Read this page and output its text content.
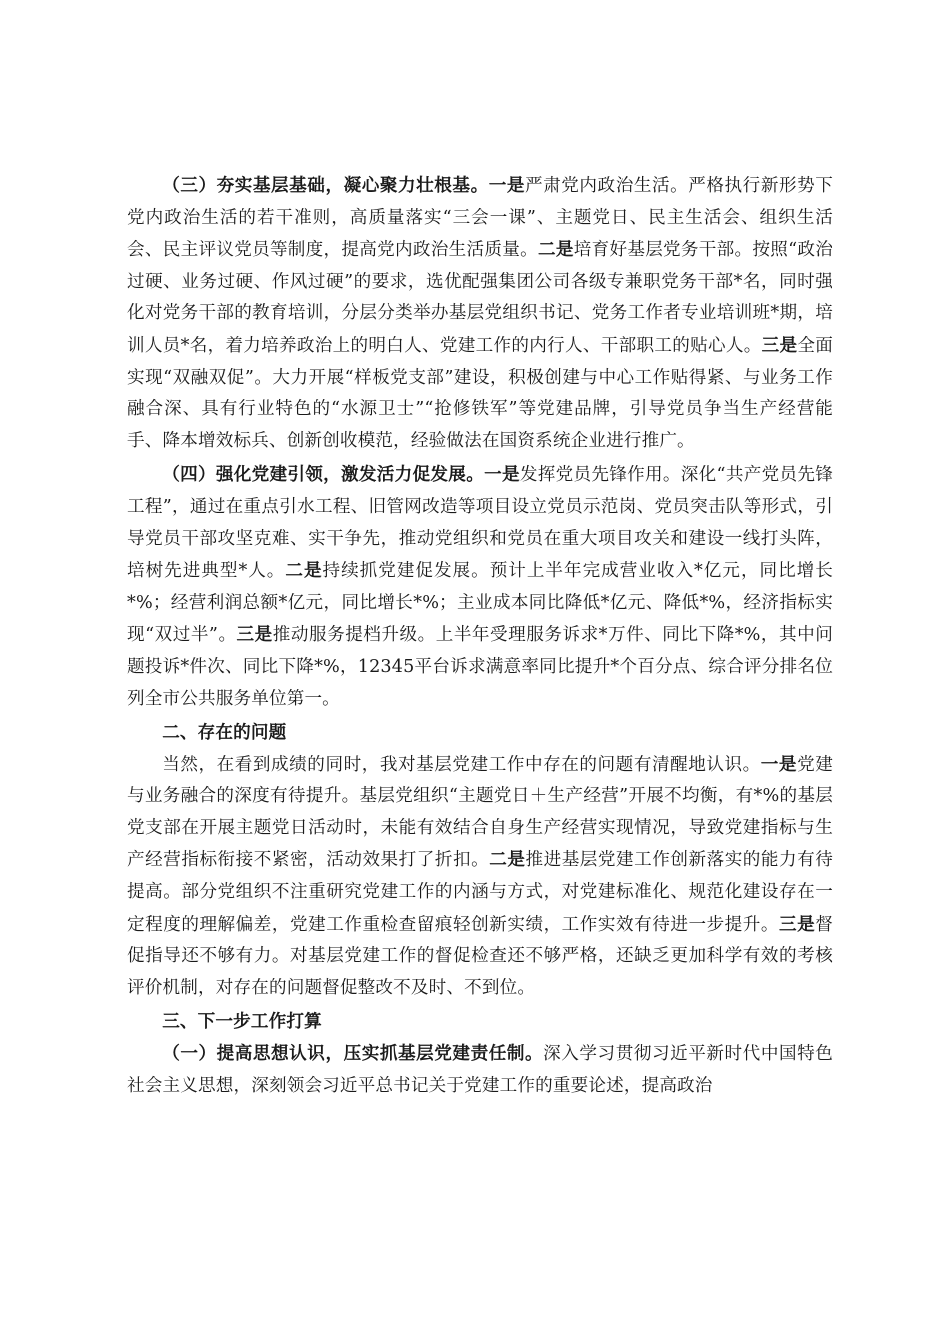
（三）夯实基层基础，凝心聚力壮根基。一是严肃党内政治生活。严格执行新形势下党内政治生活的若干准则，高质量落实“三会一课”、主题党日、民主生活会、组织生活会、民主评议党员等制度，提高党内政治生活质量。二是培育好基层党务干部。按照“政治过硬、业务过硬、作风过硬”的要求，选优配强集团公司各级专兼职党务干部*名，同时强化对党务干部的教育培训，分层分类举办基层党组织书记、党务工作者专业培训班*期，培训人员*名，着力培养政治上的明白人、党建工作的内行人、干部职工的贴心人。三是全面实现“双融双促”。大力开展“样板党支部”建设，积极创建与中心工作贴得紧、与业务工作融合深、具有行业特色的“水源卫士”“抢修铁军”等党建品牌，引导党员争当生产经营能手、降本增效标兵、创新创收模范，经验做法在国资系统企业进行推广。

（四）强化党建引领，激发活力促发展。一是发挥党员先锋作用。深化“共产党员先锋工程”，通过在重点引水工程、旧管网改造等项目设立党员示范岗、党员突击队等形式，引导党员干部攻坚克难、实干争先，推动党组织和党员在重大项目攻关和建设一线打头阵，培树先进典型*人。二是持续抓党建促发展。预计上半年完成营业收入*亿元，同比增长*%；经营利润总额*亿元，同比增长*%；主业成本同比降低*亿元、降低*%，经济指标实现“双过半”。三是推动服务提档升级。上半年受理服务诉求*万件、同比下降*%，其中问题投诉*件次、同比下降*%，12345平台诉求满意率同比提升*个百分点、综合评分排名位列全市公共服务单位第一。

二、存在的问题

当然，在看到成绩的同时，我对基层党建工作中存在的问题有清醒地认识。一是党建与业务融合的深度有待提升。基层党组织“主题党日＋生产经营”开展不均衡，有*%的基层党支部在开展主题党日活动时，未能有效结合自身生产经营实现情况，导致党建指标与生产经营指标衔接不紧密，活动效果打了折扣。二是推进基层党建工作创新落实的能力有待提高。部分党组织不注重研究党建工作的内涵与方式，对党建标准化、规范化建设存在一定程度的理解偏差，党建工作重检查留痕轻创新实绩，工作实效有待进一步提升。三是督促指导还不够有力。对基层党建工作的督促检查还不够严格，还缺乏更加科学有效的考核评价机制，对存在的问题督促整改不及时、不到位。

三、下一步工作打算

（一）提高思想认识，压实抓基层党建责任制。深入学习贯彻习近平新时代中国特色社会主义思想，深刻领会习近平总书记关于党建工作的重要论述，提高政治
